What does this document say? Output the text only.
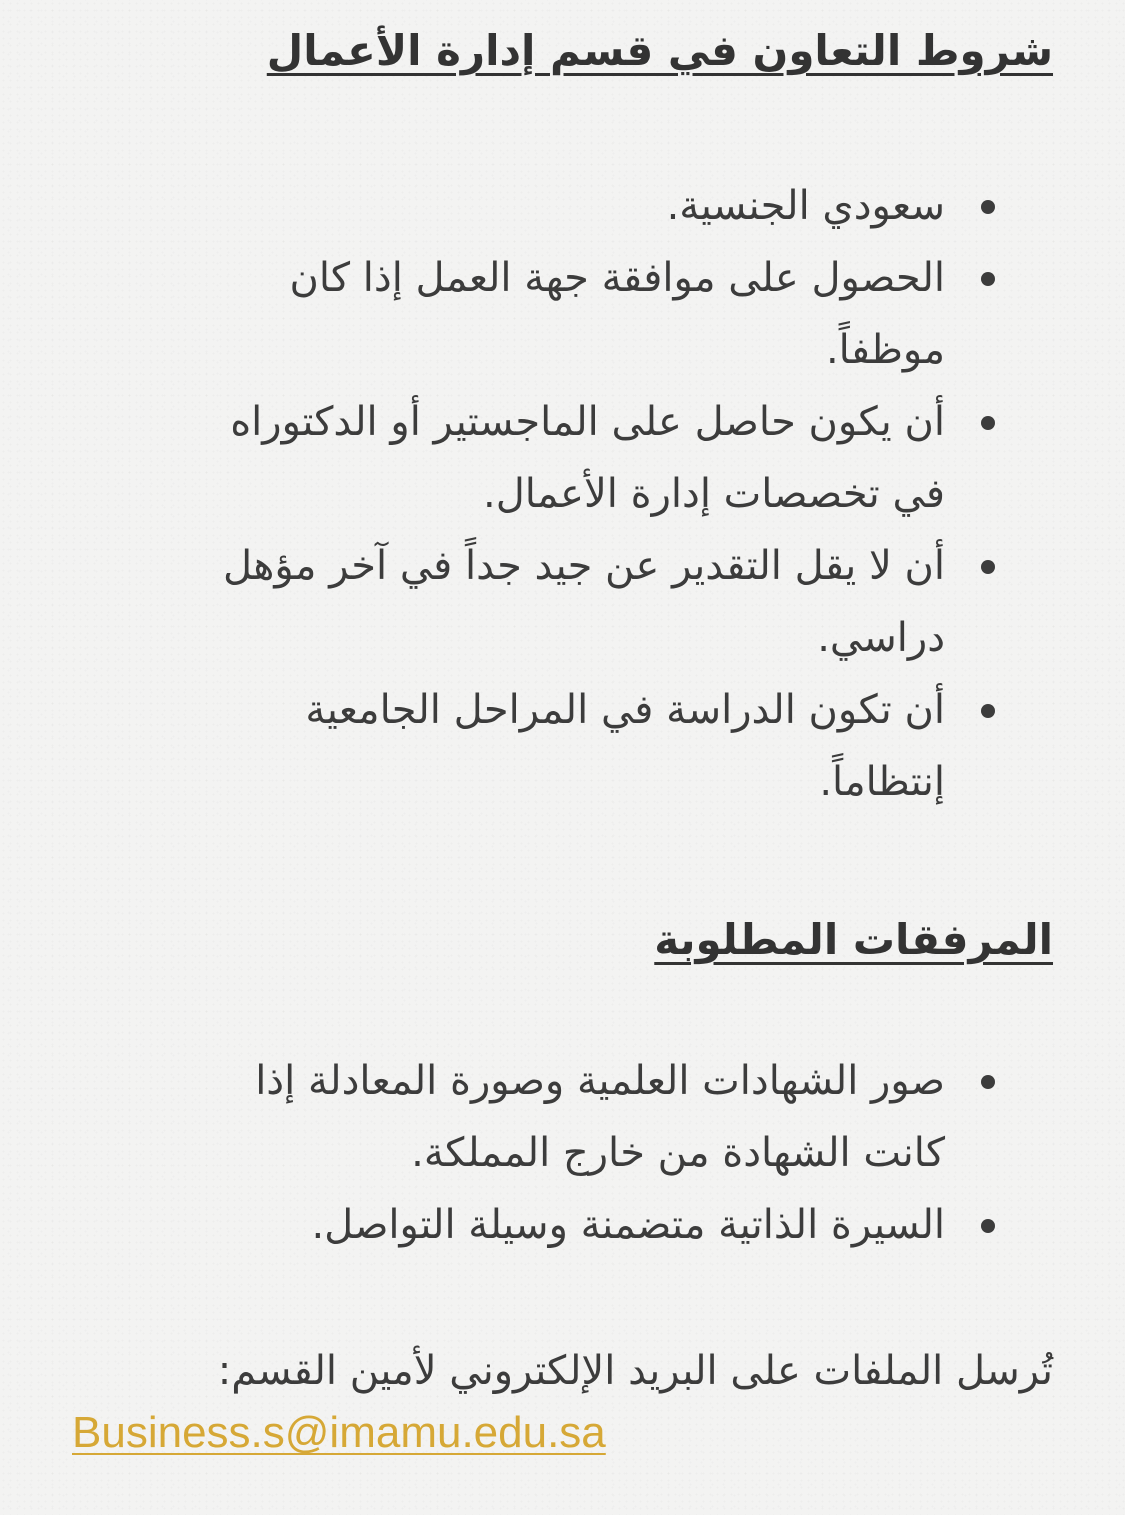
شروط التعاون في قسم إدارة الأعمال
سعودي الجنسية.
الحصول على موافقة جهة العمل إذا كان
موظفاً.
أن يكون حاصل على الماجستير أو الدكتوراه
في تخصصات إدارة الأعمال.
أن لا يقل التقدير عن جيد جداً في آخر مؤهل
دراسي.
أن تكون الدراسة في المراحل الجامعية
إنتظاماً.
المرفقات المطلوبة
صور الشهادات العلمية وصورة المعادلة إذا
كانت الشهادة من خارج المملكة.
السيرة الذاتية متضمنة وسيلة التواصل.

تُرسل الملفات على البريد الإلكتروني لأمين القسم:

Business.s@imamu.edu.sa
